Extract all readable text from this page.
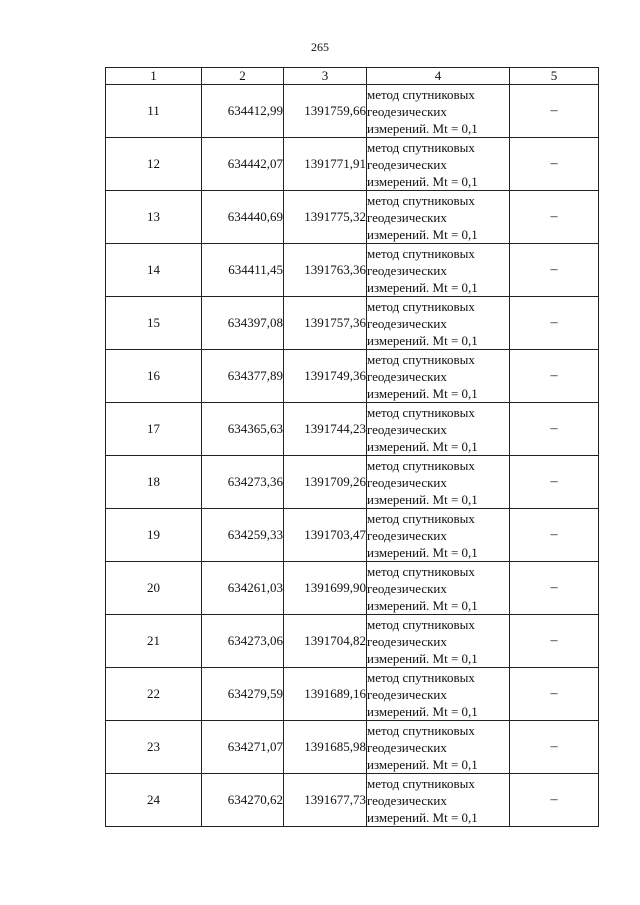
265
1	2	3	4	5
11	634412,99	1391759,66	метод спутниковых
геодезических
измерений. Mt = 0,1	–
12	634442,07	1391771,91	метод спутниковых
геодезических
измерений. Mt = 0,1	–
13	634440,69	1391775,32	метод спутниковых
геодезических
измерений. Mt = 0,1	–
14	634411,45	1391763,36	метод спутниковых
геодезических
измерений. Mt = 0,1	–
15	634397,08	1391757,36	метод спутниковых
геодезических
измерений. Mt = 0,1	–
16	634377,89	1391749,36	метод спутниковых
геодезических
измерений. Mt = 0,1	–
17	634365,63	1391744,23	метод спутниковых
геодезических
измерений. Mt = 0,1	–
18	634273,36	1391709,26	метод спутниковых
геодезических
измерений. Mt = 0,1	–
19	634259,33	1391703,47	метод спутниковых
геодезических
измерений. Mt = 0,1	–
20	634261,03	1391699,90	метод спутниковых
геодезических
измерений. Mt = 0,1	–
21	634273,06	1391704,82	метод спутниковых
геодезических
измерений. Mt = 0,1	–
22	634279,59	1391689,16	метод спутниковых
геодезических
измерений. Mt = 0,1	–
23	634271,07	1391685,98	метод спутниковых
геодезических
измерений. Mt = 0,1	–
24	634270,62	1391677,73	метод спутниковых
геодезических
измерений. Mt = 0,1	–
